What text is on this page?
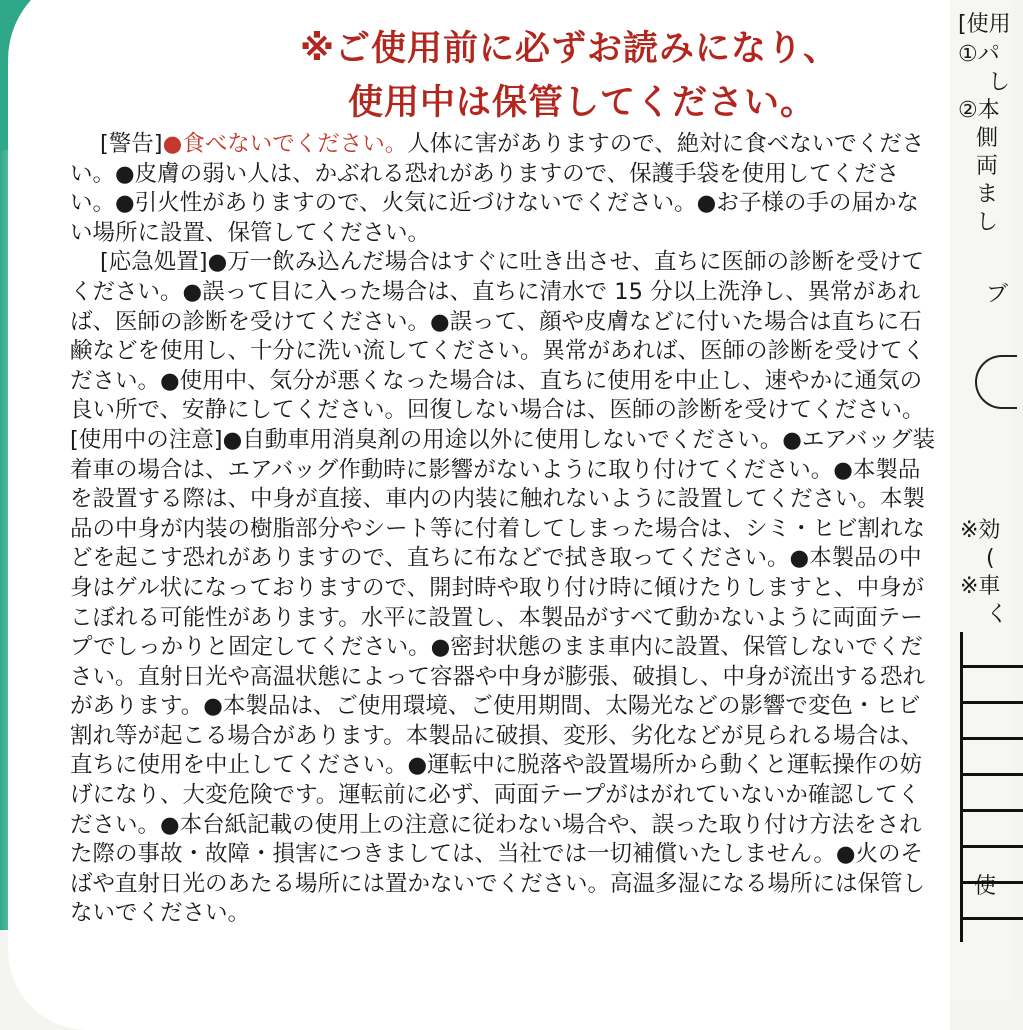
※ご使用前に必ずお読みになり、
使用中は保管してください。

[警告]●食べないでください。人体に害がありますので、絶対に食べないでください。●皮膚の弱い人は、かぶれる恐れがありますので、保護手袋を使用してください。●引火性がありますので、火気に近づけないでください。●お子様の手の届かない場所に設置、保管してください。

[応急処置]●万一飲み込んだ場合はすぐに吐き出させ、直ちに医師の診断を受けてください。●誤って目に入った場合は、直ちに清水で 15 分以上洗浄し、異常があれば、医師の診断を受けてください。●誤って、顔や皮膚などに付いた場合は直ちに石鹸などを使用し、十分に洗い流してください。異常があれば、医師の診断を受けてください。●使用中、気分が悪くなった場合は、直ちに使用を中止し、速やかに通気の良い所で、安静にしてください。回復しない場合は、医師の診断を受けてください。

[使用中の注意]●自動車用消臭剤の用途以外に使用しないでください。●エアバッグ装着車の場合は、エアバッグ作動時に影響がないように取り付けてください。●本製品を設置する際は、中身が直接、車内の内装に触れないように設置してください。本製品の中身が内装の樹脂部分やシート等に付着してしまった場合は、シミ・ヒビ割れなどを起こす恐れがありますので、直ちに布などで拭き取ってください。●本製品の中身はゲル状になっておりますので、開封時や取り付け時に傾けたりしますと、中身がこぼれる可能性があります。水平に設置し、本製品がすべて動かないように両面テープでしっかりと固定してください。●密封状態のまま車内に設置、保管しないでください。直射日光や高温状態によって容器や中身が膨張、破損し、中身が流出する恐れがあります。●本製品は、ご使用環境、ご使用期間、太陽光などの影響で変色・ヒビ割れ等が起こる場合があります。本製品に破損、変形、劣化などが見られる場合は、直ちに使用を中止してください。●運転中に脱落や設置場所から動くと運転操作の妨げになり、大変危険です。運転前に必ず、両面テープがはがれていないか確認してください。●本台紙記載の使用上の注意に従わない場合や、誤った取り付け方法をされた際の事故・故障・損害につきましては、当社では一切補償いたしません。●火のそばや直射日光のあたる場所には置かないでください。高温多湿になる場所には保管しないでください。

[使用
①パ
し
②本
側
両
ま
し
ブ
※効
(
※車
く
使
